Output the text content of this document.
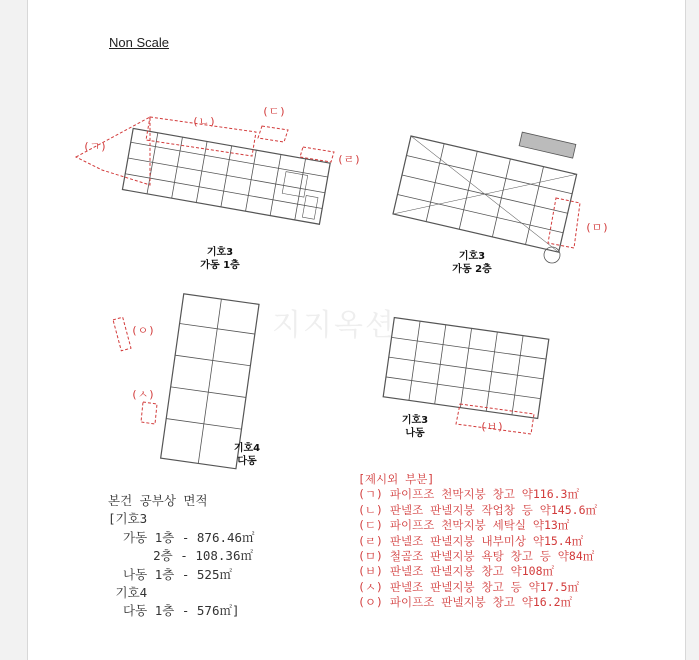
지지옥션
Non Scale
(ㄱ)
(ㄴ)
(ㄷ)
(ㄹ)
(ㅁ)
(ㅇ)
(ㅅ)
(ㅂ)
기호3
가동 1층
기호3
가동 2층
기호4
다동
기호3
나동
본건 공부상 면적
[기호3
가동 1층 - 876.46㎡
2층 - 108.36㎡
나동 1층 - 525㎡
기호4
다동 1층 - 576㎡]
[제시외 부분]
(ㄱ) 파이프조 천막지붕 창고 약116.3㎡
(ㄴ) 판넬조 판넬지붕 작업창 등 약145.6㎡
(ㄷ) 파이프조 천막지붕 세탁실 약13㎡
(ㄹ) 판넬조 판넬지붕 내부미상 약15.4㎡
(ㅁ) 철골조 판넬지붕 욕탕 창고 등 약84㎡
(ㅂ) 판넬조 판넬지붕 창고 약108㎡
(ㅅ) 판넬조 판넬지붕 창고 등 약17.5㎡
(ㅇ) 파이프조 판넬지붕 창고 약16.2㎡
